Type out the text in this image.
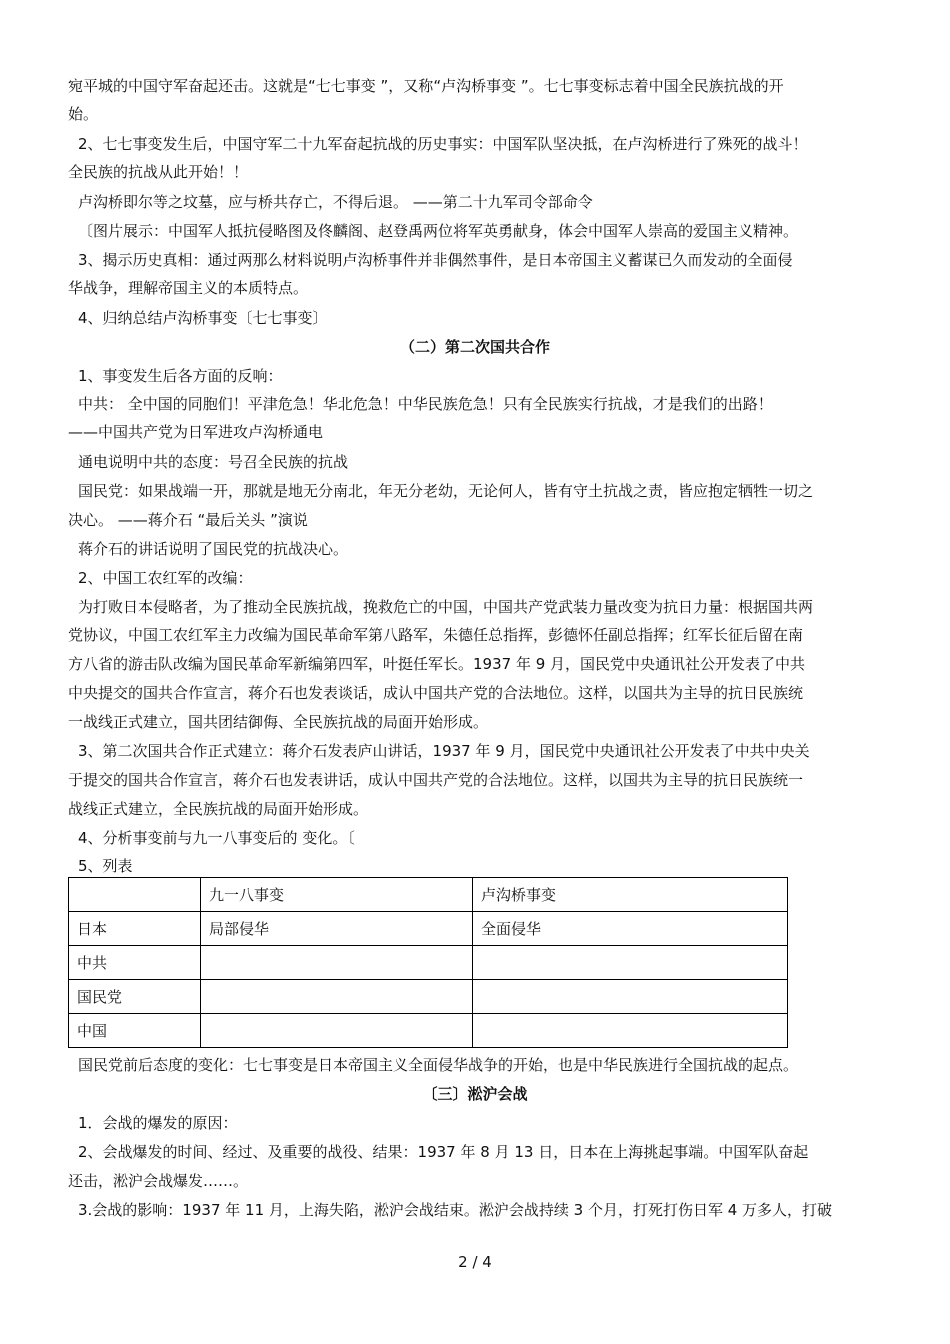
宛平城的中国守军奋起还击。这就是“七七事变 ”，又称“卢沟桥事变 ”。七七事变标志着中国全民族抗战的开
始。
2、七七事变发生后，中国守军二十九军奋起抗战的历史事实：中国军队坚决抵，在卢沟桥进行了殊死的战斗！
全民族的抗战从此开始！！
卢沟桥即尔等之坟墓，应与桥共存亡，不得后退。 ——第二十九军司令部命令
〔图片展示：中国军人抵抗侵略图及佟麟阁、赵登禹两位将军英勇献身，体会中国军人崇高的爱国主义精神。
3、揭示历史真相：通过两那么材料说明卢沟桥事件并非偶然事件，是日本帝国主义蓄谋已久而发动的全面侵
华战争，理解帝国主义的本质特点。
4、归纳总结卢沟桥事变〔七七事变〕
（二）第二次国共合作
1、事变发生后各方面的反响：
中共： 全中国的同胞们！平津危急！华北危急！中华民族危急！只有全民族实行抗战，才是我们的出路！
——中国共产党为日军进攻卢沟桥通电
通电说明中共的态度：号召全民族的抗战
国民党：如果战端一开，那就是地无分南北，年无分老幼，无论何人，皆有守土抗战之责，皆应抱定牺牲一切之
决心。 ——蒋介石 “最后关头 ”演说
蒋介石的讲话说明了国民党的抗战决心。
2、中国工农红军的改编：
为打败日本侵略者，为了推动全民族抗战，挽救危亡的中国，中国共产党武装力量改变为抗日力量：根据国共两
党协议，中国工农红军主力改编为国民革命军第八路军，朱德任总指挥，彭德怀任副总指挥；红军长征后留在南
方八省的游击队改编为国民革命军新编第四军，叶挺任军长。1937 年 9 月，国民党中央通讯社公开发表了中共
中央提交的国共合作宣言，蒋介石也发表谈话，成认中国共产党的合法地位。这样，以国共为主导的抗日民族统
一战线正式建立，国共团结御侮、全民族抗战的局面开始形成。
3、第二次国共合作正式建立：蒋介石发表庐山讲话，1937 年 9 月，国民党中央通讯社公开发表了中共中央关
于提交的国共合作宣言，蒋介石也发表讲话，成认中国共产党的合法地位。这样，以国共为主导的抗日民族统一
战线正式建立，全民族抗战的局面开始形成。
4、分析事变前与九一八事变后的 变化。〔
5、列表
	九一八事变	卢沟桥事变
日本	局部侵华	全面侵华
中共		
国民党		
中国		
国民党前后态度的变化：七七事变是日本帝国主义全面侵华战争的开始，也是中华民族进行全国抗战的起点。
〔三〕淞沪会战
1．会战的爆发的原因：
2、会战爆发的时间、经过、及重要的战役、结果：1937 年 8 月 13 日，日本在上海挑起事端。中国军队奋起
还击，淞沪会战爆发……。
3.会战的影响：1937 年 11 月，上海失陷，淞沪会战结束。淞沪会战持续 3 个月，打死打伤日军 4 万多人，打破
2 / 4
